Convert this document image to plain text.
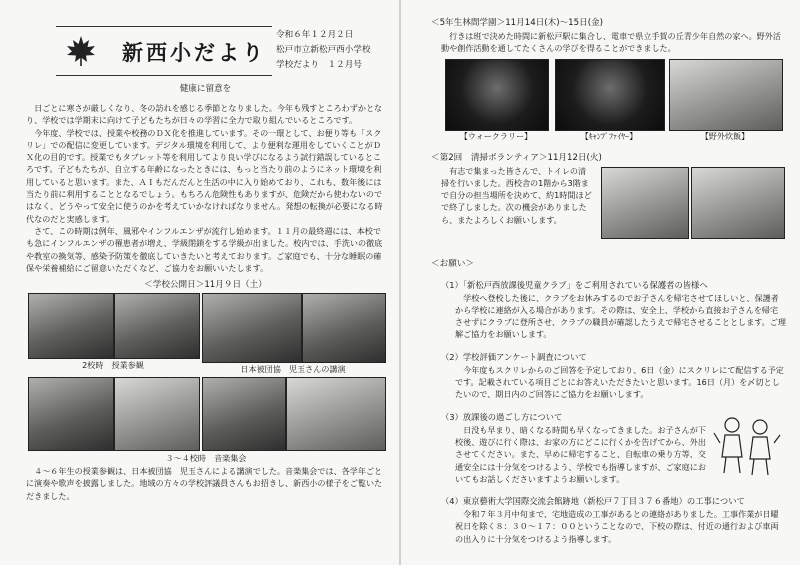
新西小だより
令和６年１２月２日
松戸市立新松戸西小学校
学校だより　１２月号
健康に留意を

日ごとに寒さが厳しくなり、冬の訪れを感じる季節となりました。今年も残すところわずかとなり、学校では学期末に向けて子どもたちが日々の学習に全力で取り組んでいるところです。

今年度、学校では、授業や校務のＤＸ化を推進しています。その一環として、お便り等も「スクリレ」での配信に変更しています。デジタル環境を利用して、より便利な運用をしていくことがＤＸ化の目的です。授業でもタブレット等を利用してより良い学びになるよう試行錯誤しているところです。子どもたちが、自立する年齢になったときには、もっと当たり前のようにネット環境を利用していると思います。また、ＡＩもだんだんと生活の中に入り始めており、これも、数年後には当たり前に利用することとなるでしょう。もちろん危険性もありますが、危険だから使わないのではなく、どうやって安全に使うのかを考えていかなければなりません。発想の転換が必要になる時代なのだと実感します。

さて、この時期は例年、風邪やインフルエンザが流行し始めます。１１月の最終週には、本校でも急にインフルエンザの罹患者が増え、学級閉鎖をする学級が出ました。校内では、手洗いの徹底や教室の換気等、感染予防策を徹底していきたいと考えております。ご家庭でも、十分な睡眠の確保や栄養補給にご留意いただくなど、ご協力をお願いいたします。

＜学校公開日＞11月９日（土）
2校時　授業参観	日本被団協　児玉さんの講演
３～４校時　音楽集会

４～６年生の授業参観は、日本被団協　児玉さんによる講演でした。音楽集会では、各学年ごとに演奏や歌声を披露しました。地域の方々の学校評議員さんもお招きし、新西小の様子をご覧いただきました。

＜5年生林間学園＞11月14日(木)～15日(金)

行きは班で決めた時間に新松戸駅に集合し、電車で県立手賀の丘青少年自然の家へ。野外活動や創作活動を通してたくさんの学びを得ることができました。

【ウォークラリー】	【ｷｬﾝﾌﾟﾌｧｲﾔｰ】	【野外炊飯】
＜第2回　清掃ボランティア＞11月12日(火)

有志で集まった皆さんで、トイレの清掃を行いました。西校舎の1階から3階まで自分の担当場所を決めて、約1時間ほどで終了しました。次の機会がありましたら、またよろしくお願いします。

＜お願い＞
（1）「新松戸西放課後児童クラブ」をご利用されている保護者の皆様へ

学校へ登校した後に、クラブをお休みするのでお子さんを帰宅させてほしいと、保護者から学校に連絡が入る場合があります。その際は、安全上、学校から直接お子さんを帰宅させずにクラブに登所させ、クラブの職員が確認したうえで帰宅させることとします。ご理解ご協力をお願いします。

（2）学校評価アンケート調査について

今年度もスクリレからのご回答を予定しており、6日（金）にスクリレにて配信する予定です。記載されている項目ごとにお答えいただきたいと思います。16日（月）を〆切としたいので、期日内のご回答にご協力をお願いします。

（3）放課後の過ごし方について

日没も早まり、暗くなる時間も早くなってきました。お子さんが下校後、遊びに行く際は、お家の方にどこに行くかを告げてから、外出させてください。また、早めに帰宅すること、自転車の乗り方等、交通安全には十分気をつけるよう、学校でも指導しますが、ご家庭においてもお話しくださいますようお願いします。

（4）東京藝術大学国際交流会館跡地（新松戸７丁目３７６番地）の工事について

令和７年３月中旬まで、宅地造成の工事があるとの連絡がありました。工事作業が日曜祝日を除く８：３０～１７：００ということなので、下校の際は、付近の通行および車両の出入りに十分気をつけるよう指導します。
